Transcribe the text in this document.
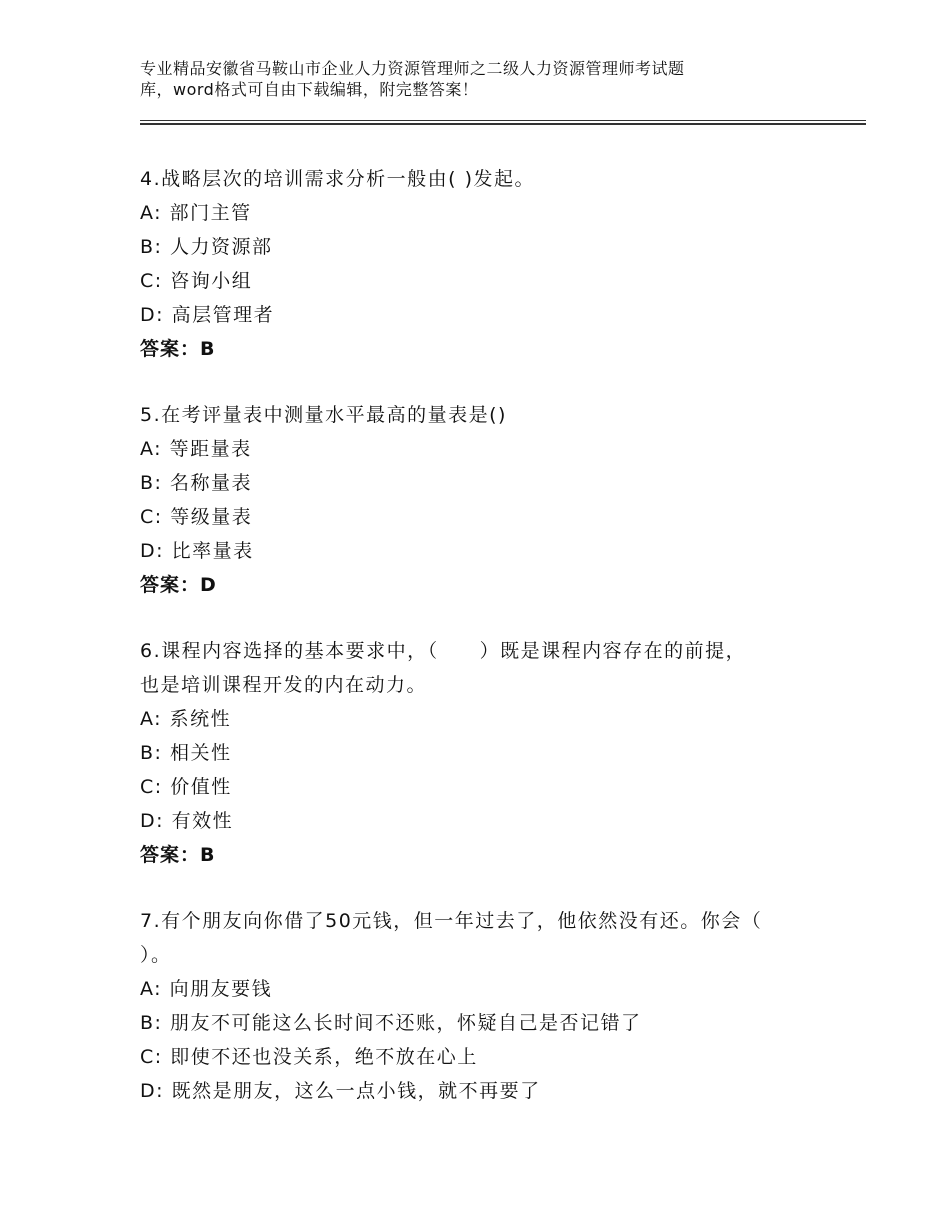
专业精品安徽省马鞍山市企业人力资源管理师之二级人力资源管理师考试题
库，word格式可自由下载编辑，附完整答案！
4.战略层次的培训需求分析一般由( )发起。
A: 部门主管
B: 人力资源部
C: 咨询小组
D: 高层管理者
答案：B
5.在考评量表中测量水平最高的量表是()
A: 等距量表
B: 名称量表
C: 等级量表
D: 比率量表
答案：D
6.课程内容选择的基本要求中，（　　）既是课程内容存在的前提，
也是培训课程开发的内在动力。
A: 系统性
B: 相关性
C: 价值性
D: 有效性
答案：B
7.有个朋友向你借了50元钱，但一年过去了，他依然没有还。你会（
）。
A: 向朋友要钱
B: 朋友不可能这么长时间不还账，怀疑自己是否记错了
C: 即使不还也没关系，绝不放在心上
D: 既然是朋友，这么一点小钱，就不再要了
